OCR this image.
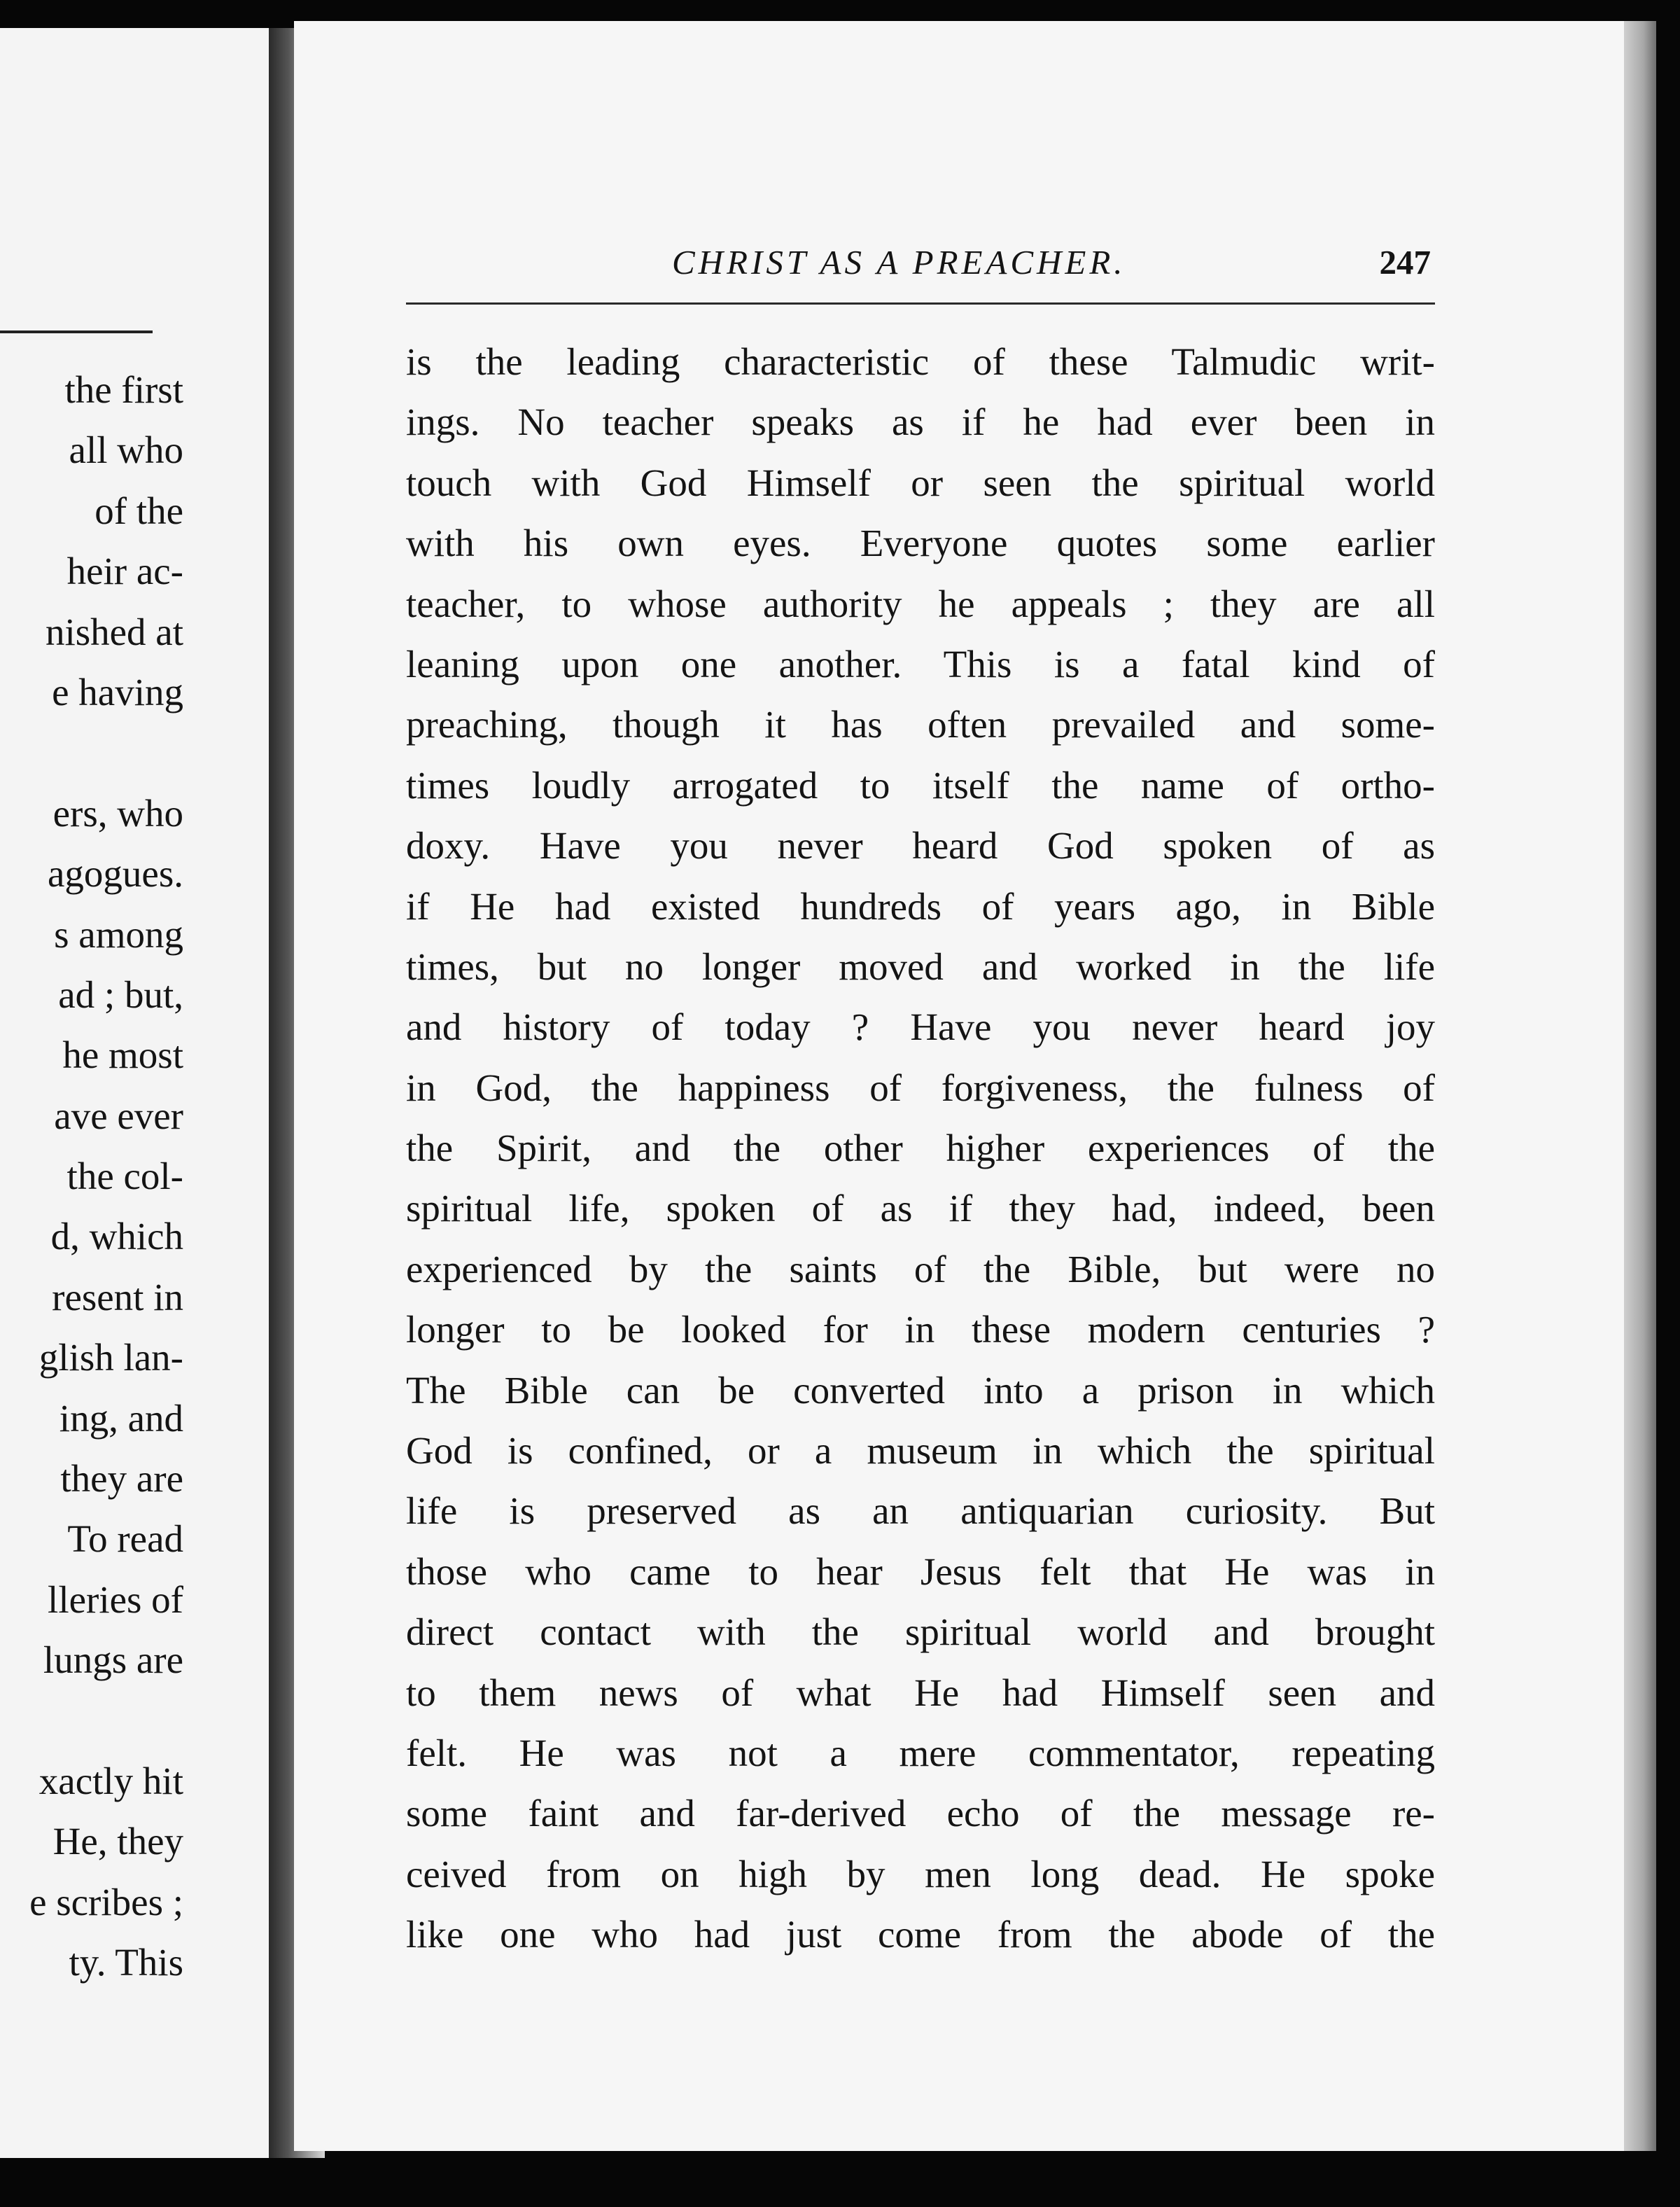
the first
all who
of the
heir ac-
nished at
e having
ers, who
agogues.
s among
ad ; but,
he most
ave ever
the col-
d, which
resent in
glish lan-
ing, and
they are
To read
lleries of
lungs are
xactly hit
He, they
e scribes ;
ty. This
CHRIST AS A PREACHER.	247
is the leading characteristic of these Talmudic writ-
ings. No teacher speaks as if he had ever been in
touch with God Himself or seen the spiritual world
with his own eyes. Everyone quotes some earlier
teacher, to whose authority he appeals ; they are all
leaning upon one another. This is a fatal kind of
preaching, though it has often prevailed and some-
times loudly arrogated to itself the name of ortho-
doxy. Have you never heard God spoken of as
if He had existed hundreds of years ago, in Bible
times, but no longer moved and worked in the life
and history of today ? Have you never heard joy
in God, the happiness of forgiveness, the fulness of
the Spirit, and the other higher experiences of the
spiritual life, spoken of as if they had, indeed, been
experienced by the saints of the Bible, but were no
longer to be looked for in these modern centuries ?
The Bible can be converted into a prison in which
God is confined, or a museum in which the spiritual
life is preserved as an antiquarian curiosity. But
those who came to hear Jesus felt that He was in
direct contact with the spiritual world and brought
to them news of what He had Himself seen and
felt. He was not a mere commentator, repeating
some faint and far-derived echo of the message re-
ceived from on high by men long dead. He spoke
like one who had just come from the abode of the
